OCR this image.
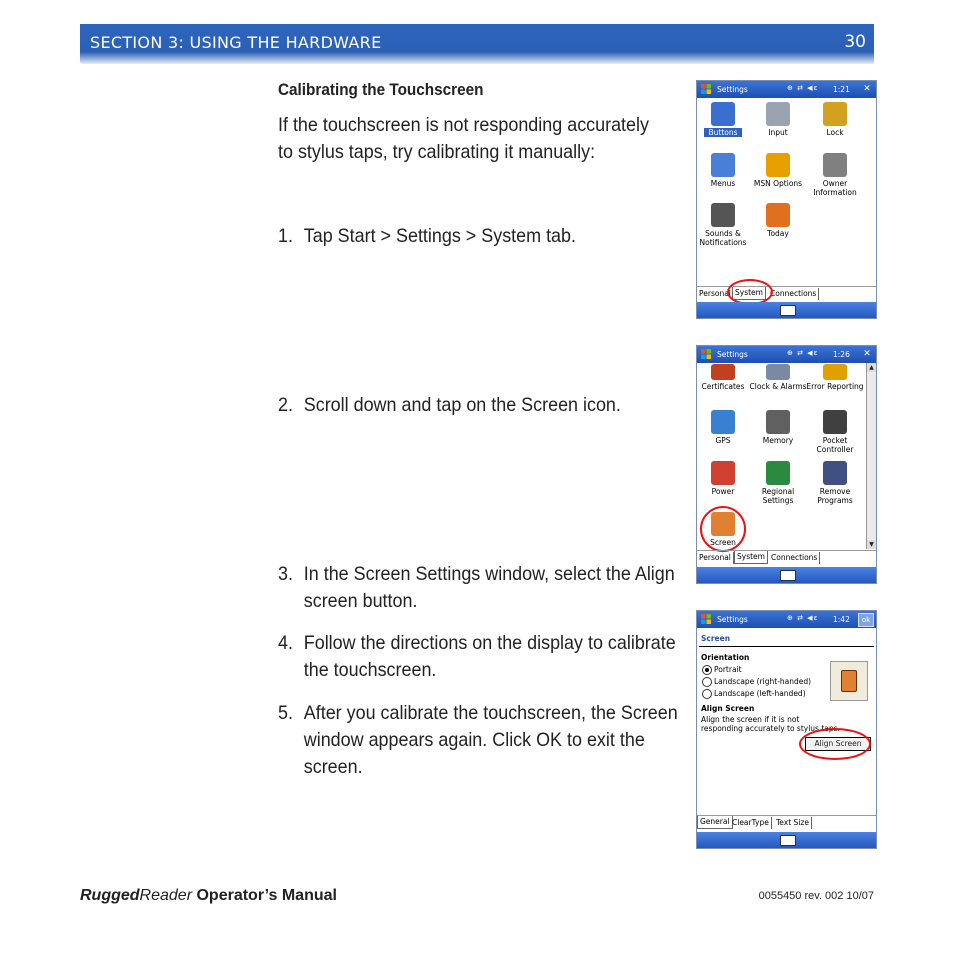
SECTION 3: USING THE HARDWARE	30
Calibrating the Touchscreen
If the touchscreen is not responding accurately to stylus taps, try calibrating it manually:
1. Tap Start > Settings > System tab.
2. Scroll down and tap on the Screen icon.
3. In the Screen Settings window, select the Align screen button.
4. Follow the directions on the display to calibrate the touchscreen.
5. After you calibrate the touchscreen, the Screen window appears again. Click OK to exit the screen.
RuggedReader Operator’s Manual	0055450 rev. 002 10/07
Settings	⊕ ⇄ ◀ε 1:21 ✕
Buttons	Input	Lock
Menus	MSN Options	Owner Information
Sounds & Notifications
Today
Personal System Connections
Settings	⊕ ⇄ ◀ε 1:26 ✕
Certificates Clock & Alarms Error Reporting
GPS	Memory	Pocket Controller
Power	Regional Settings
Remove Programs
Screen
▲
▼
Personal System Connections
Settings	⊕ ⇄ ◀ε 1:42	ok
Screen
Orientation
Portrait
Landscape (right-handed)
Landscape (left-handed)
Align Screen
Align the screen if it is not responding accurately to stylus taps.
Align Screen
General ClearType Text Size
